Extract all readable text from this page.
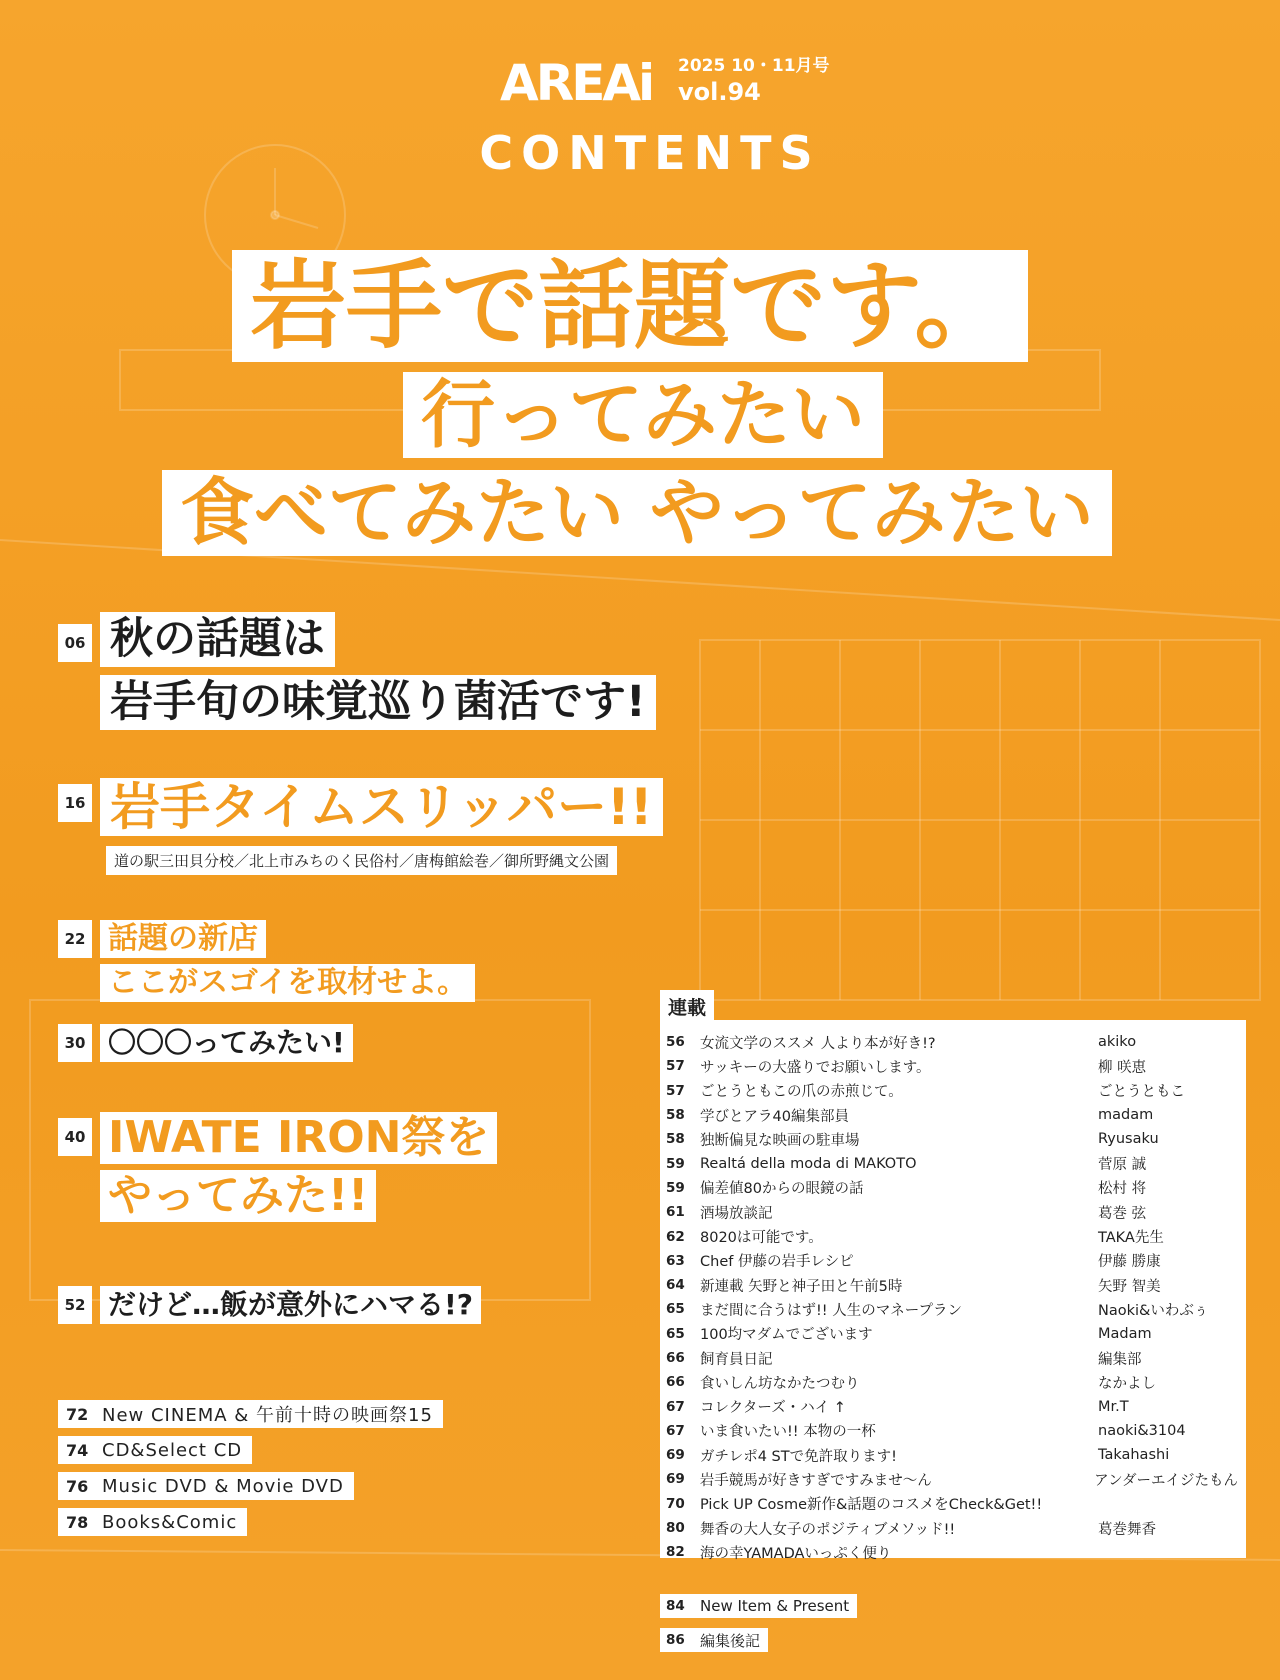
AREAi 2025 10・11月号
vol.94
CONTENTS
岩手で話題です。
行ってみたい
食べてみたい やってみたい
06 秋の話題は
岩手旬の味覚巡り菌活です!
16 岩手タイムスリッパー!!
道の駅三田貝分校／北上市みちのく民俗村／唐梅館絵巻／御所野縄文公園
22 話題の新店
ここがスゴイを取材せよ。
30 〇〇〇ってみたい!
40 IWATE IRON祭を
やってみた!!
52 だけど…飯が意外にハマる!?
72 New CINEMA & 午前十時の映画祭15
74 CD&Select CD
76 Music DVD & Movie DVD
78 Books&Comic
連載
56	女流文学のススメ 人より本が好き!?	akiko
57	サッキーの大盛りでお願いします。	柳 咲恵
57	ごとうともこの爪の赤煎じて。	ごとうともこ
58	学びとアラ40編集部員	madam
58	独断偏見な映画の駐車場	Ryusaku
59	Realtá della moda di MAKOTO	菅原 誠
59	偏差値80からの眼鏡の話	松村 将
61	酒場放談記	葛巻 弦
62	8020は可能です。	TAKA先生
63	Chef 伊藤の岩手レシピ	伊藤 勝康
64	新連載 矢野と神子田と午前5時	矢野 智美
65	まだ間に合うはず!! 人生のマネープラン	Naoki&いわぶぅ
65	100均マダムでございます	Madam
66	飼育員日記	編集部
66	食いしん坊なかたつむり	なかよし
67	コレクターズ・ハイ ↑	Mr.T
67	いま食いたい!! 本物の一杯	naoki&3104
69	ガチレポ4 STで免許取ります!	Takahashi
69	岩手競馬が好きすぎですみませ〜ん	アンダーエイジたもん
70	Pick UP Cosme新作&話題のコスメをCheck&Get!!
80	舞香の大人女子のポジティブメソッド!!	葛巻舞香
82	海の幸YAMADAいっぷく便り
84	New Item & Present
86	編集後記
